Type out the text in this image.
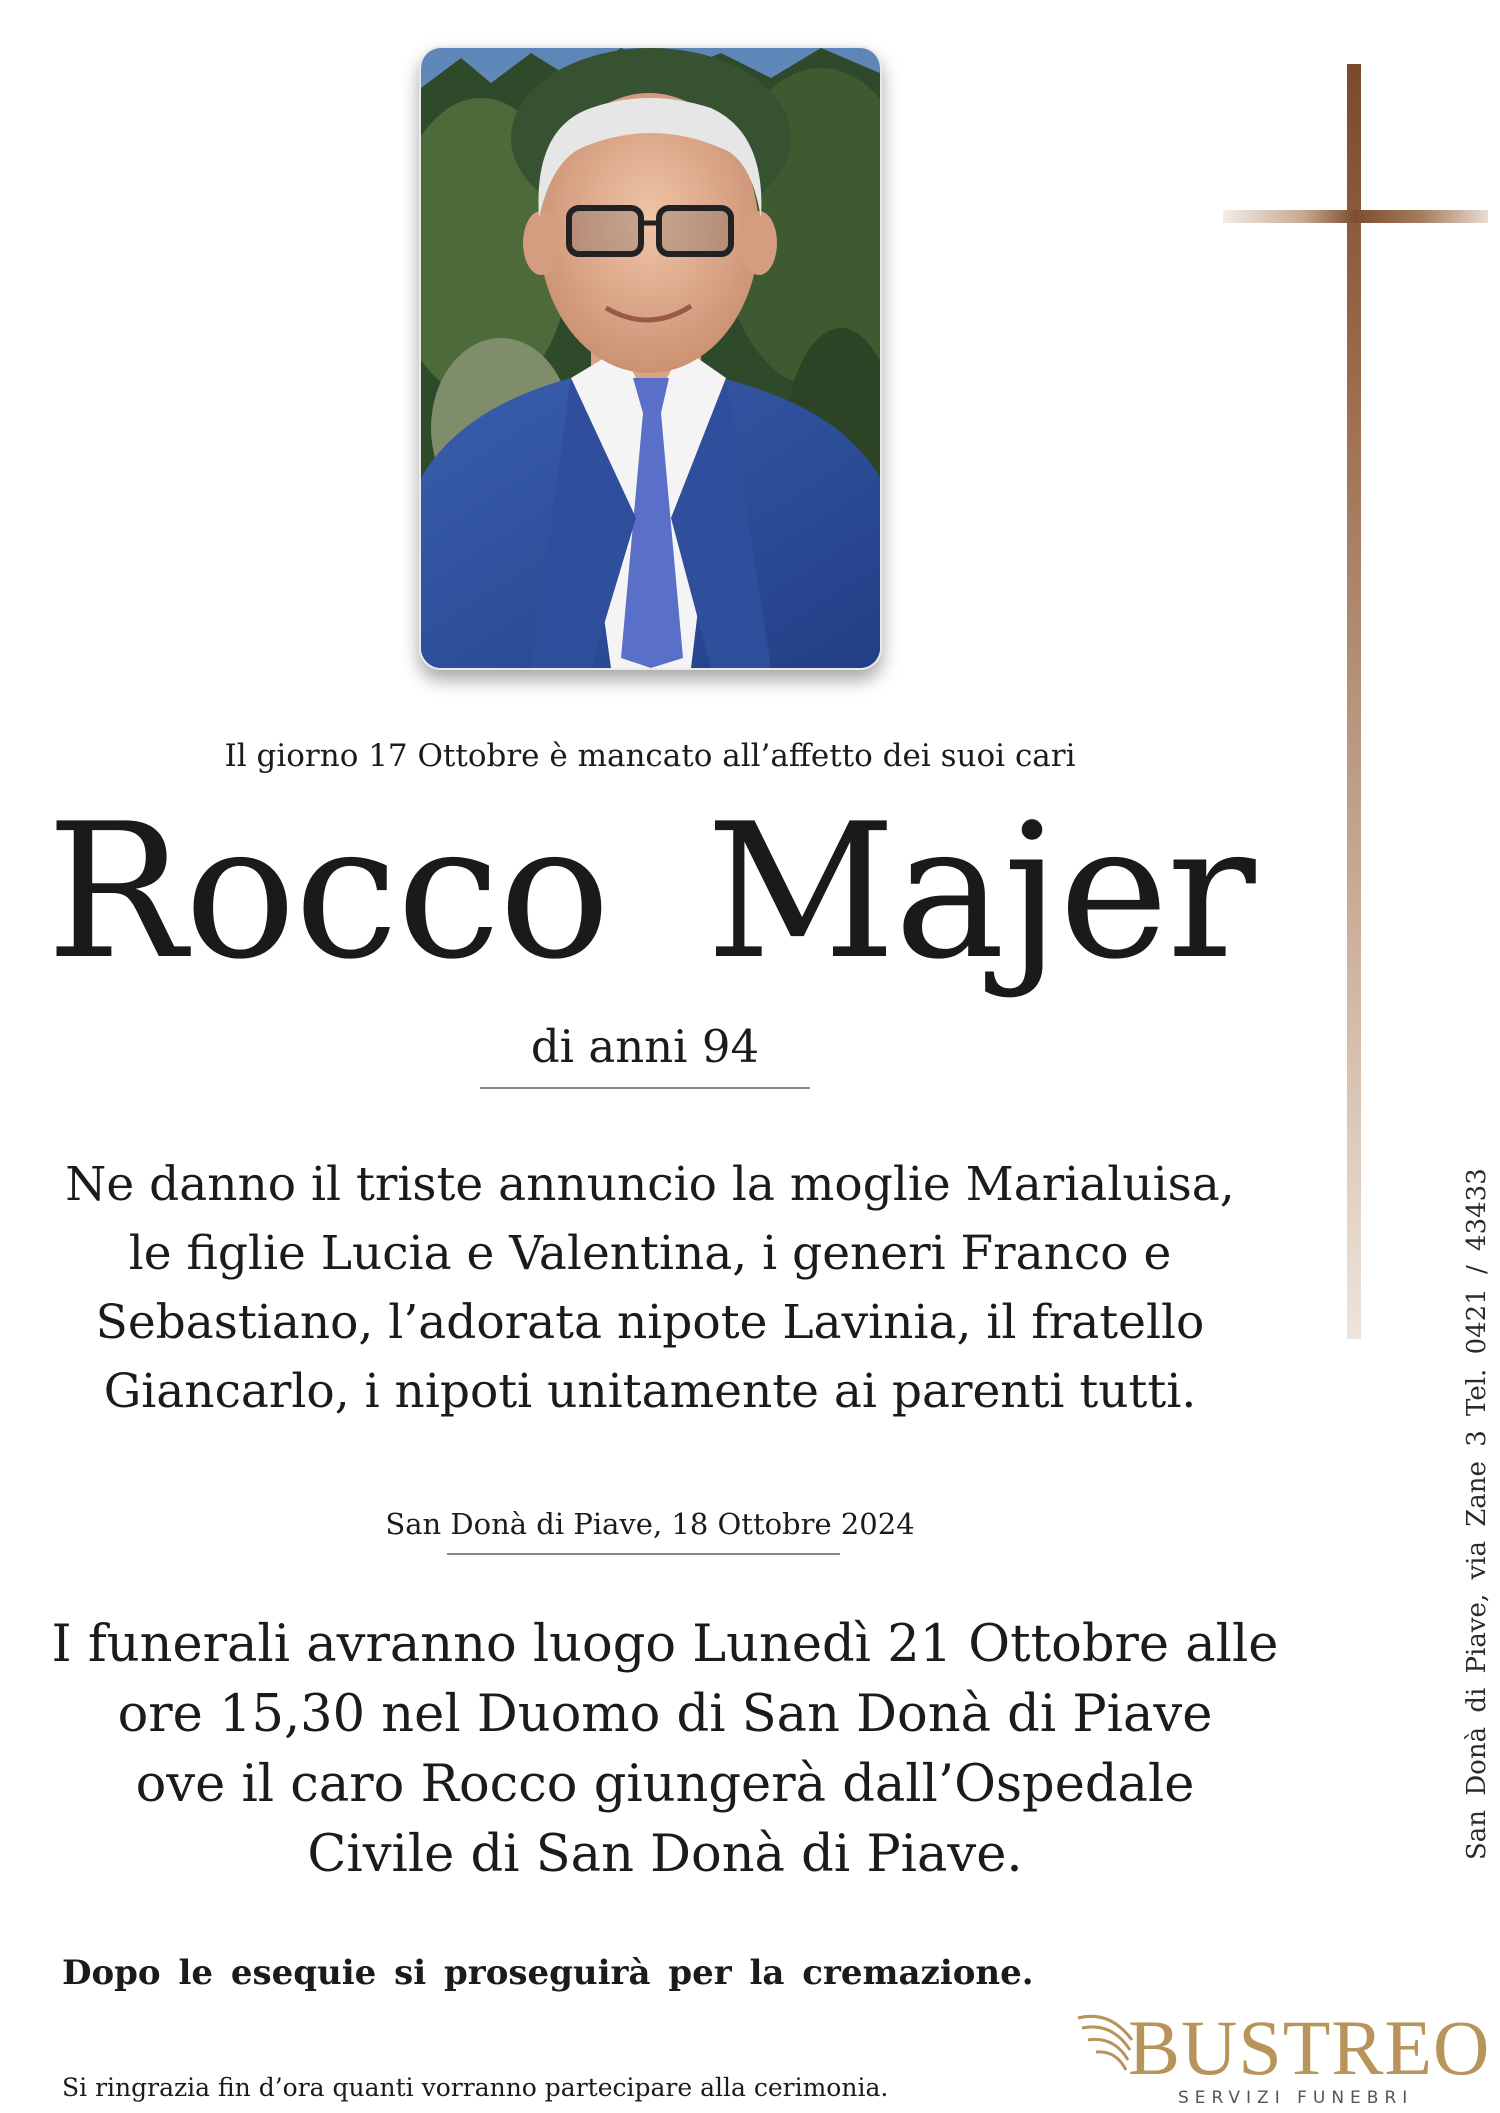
Il giorno 17 Ottobre è mancato all’affetto dei suoi cari
Rocco Majer
di anni 94
Ne danno il triste annuncio la moglie Marialuisa,
le figlie Lucia e Valentina, i generi Franco e
Sebastiano, l’adorata nipote Lavinia, il fratello
Giancarlo, i nipoti unitamente ai parenti tutti.
San Donà di Piave, 18 Ottobre 2024
I funerali avranno luogo Lunedì 21 Ottobre alle
ore 15,30 nel Duomo di San Donà di Piave
ove il caro Rocco giungerà dall’Ospedale
Civile di San Donà di Piave.
Dopo le esequie si proseguirà per la cremazione.
Si ringrazia fin d’ora quanti vorranno partecipare alla cerimonia.
San Donà di Piave, via Zane 3 Tel. 0421 / 43433
BUSTREO
SERVIZI FUNEBRI
